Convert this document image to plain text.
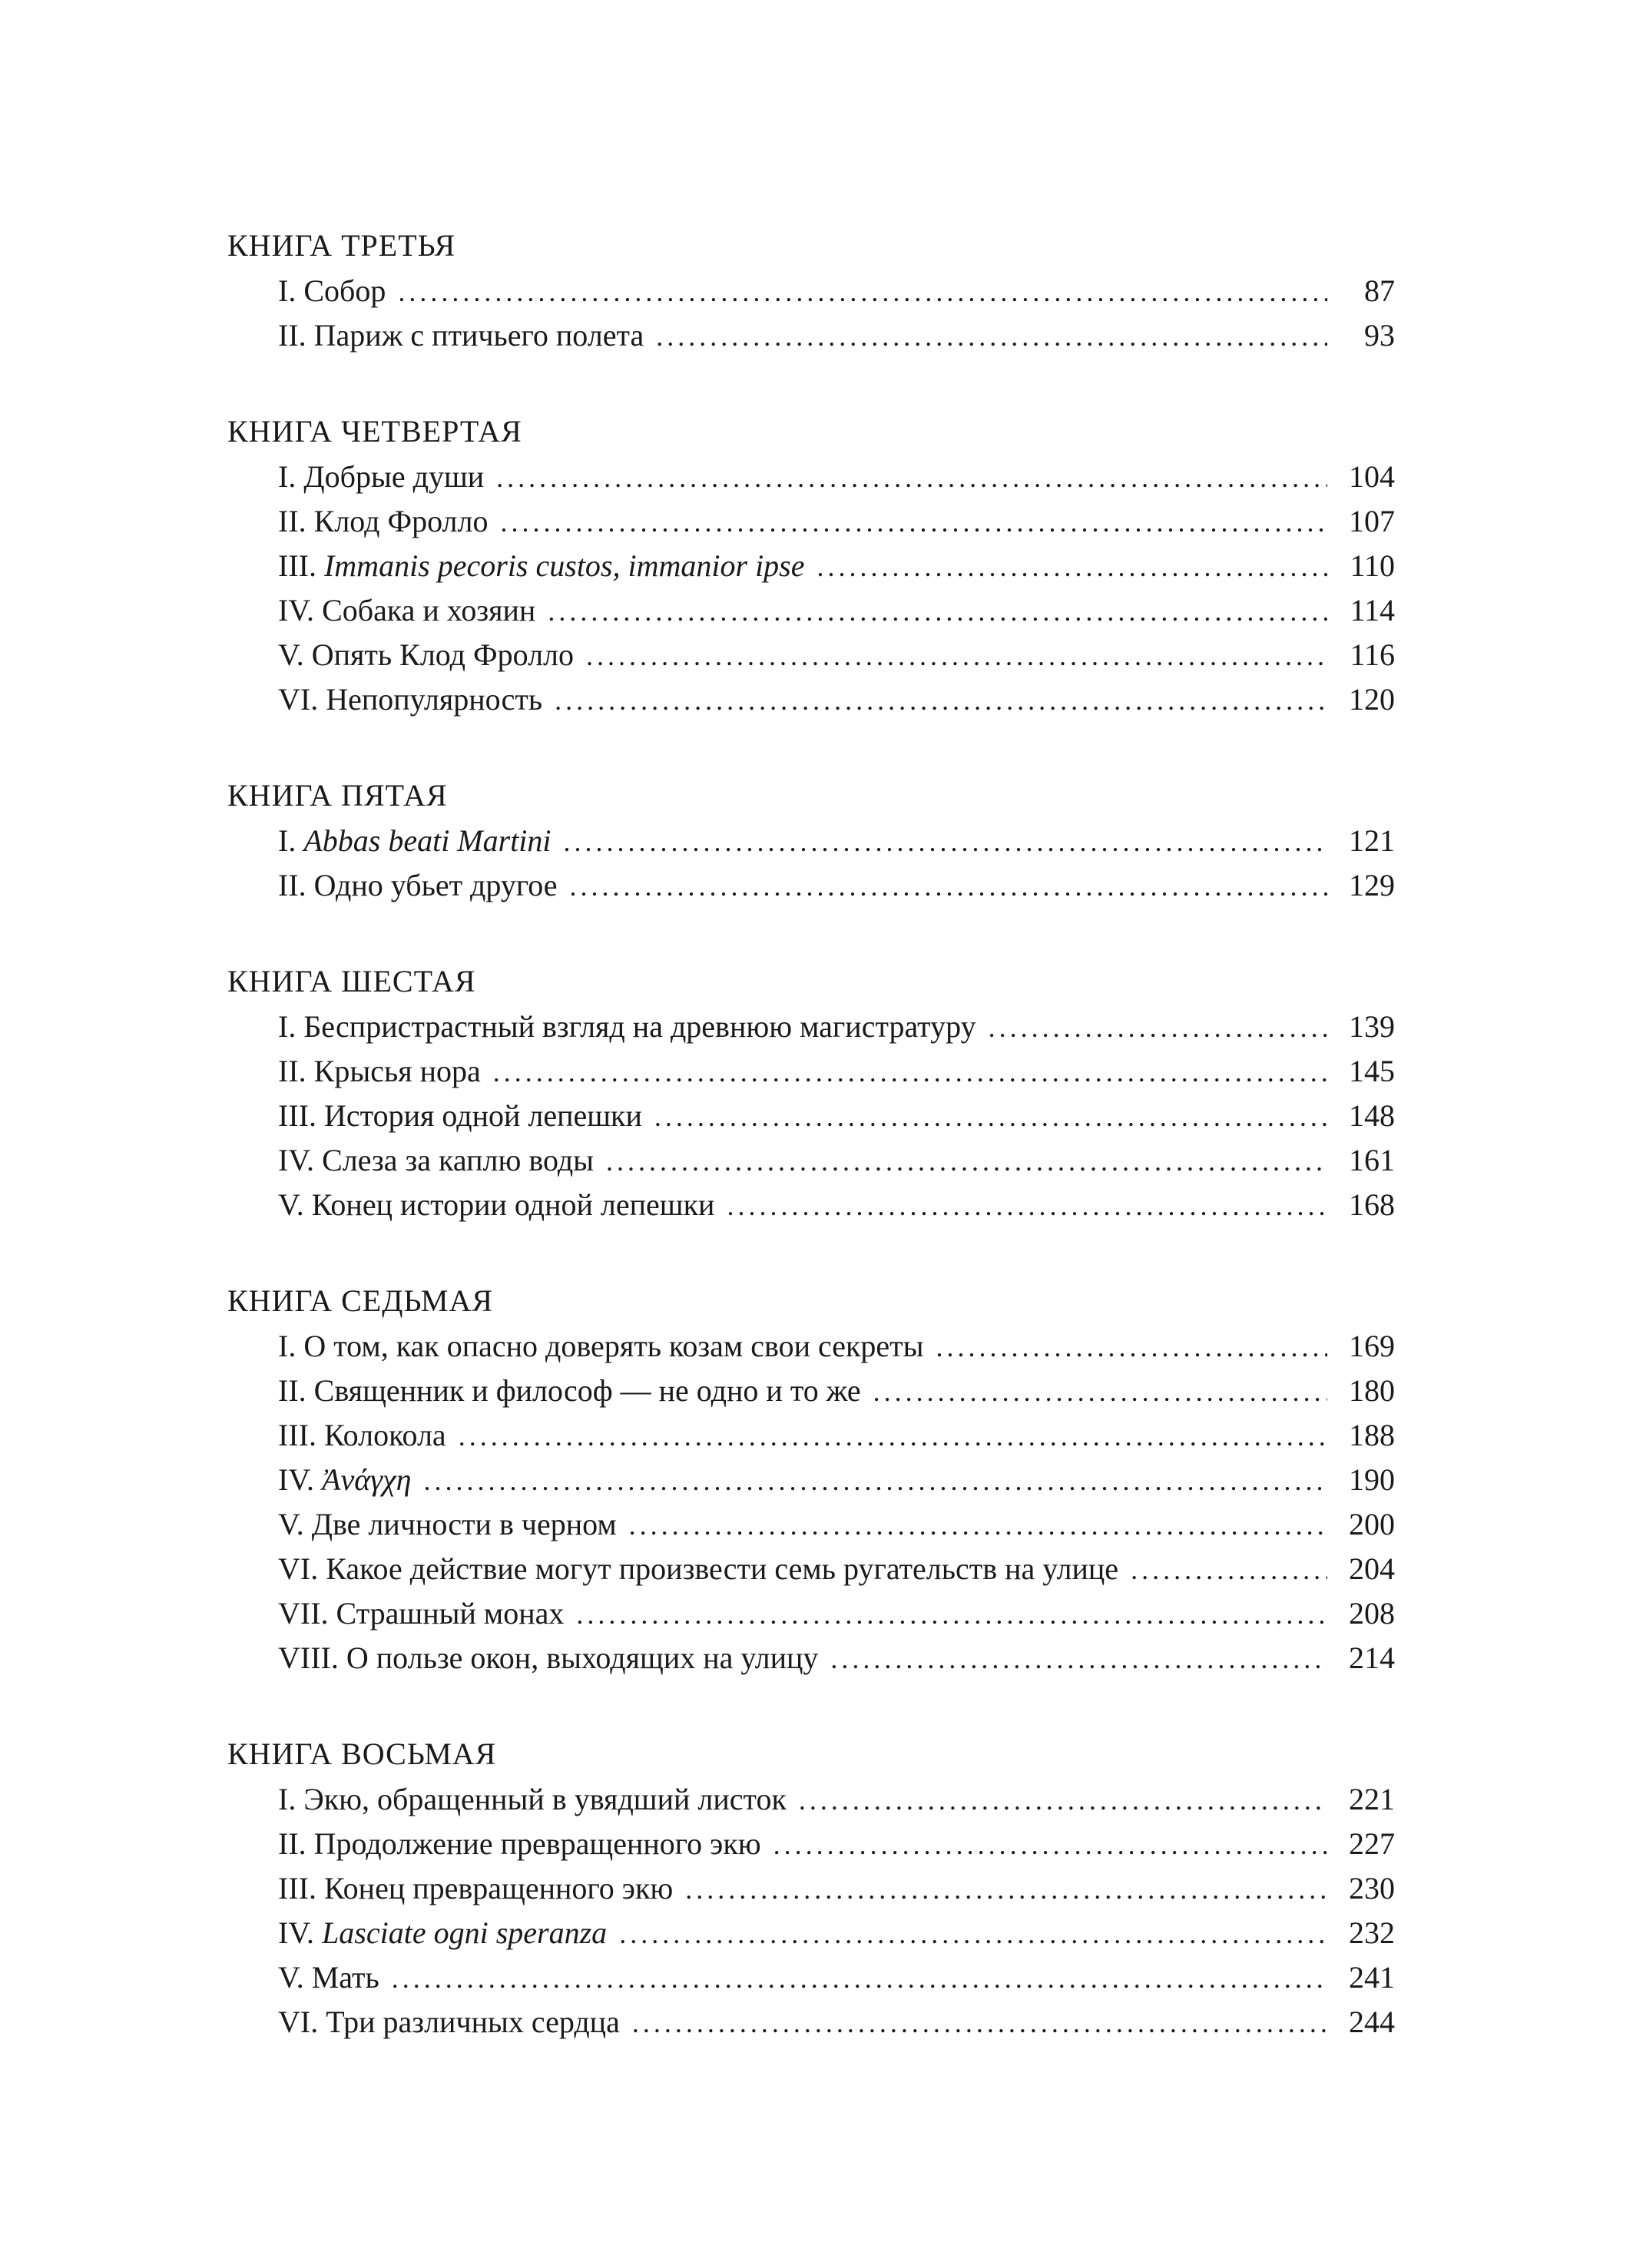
КНИГА ТРЕТЬЯ
I. Собор . . .	87
II. Париж с птичьего полета . . .	93
КНИГА ЧЕТВЕРТАЯ
I. Добрые души . . .	104
II. Клод Фролло . . .	107
III. Immanis pecoris custos, immanior ipse . . .	110
IV. Собака и хозяин . . .	114
V. Опять Клод Фролло . . .	116
VI. Непопулярность . . .	120
КНИГА ПЯТАЯ
I. Abbas beati Martini . . .	121
II. Одно убьет другое . . .	129
КНИГА ШЕСТАЯ
I. Беспристрастный взгляд на древнюю магистратуру . . .	139
II. Крысья нора . . .	145
III. История одной лепешки . . .	148
IV. Слеза за каплю воды . . .	161
V. Конец истории одной лепешки . . .	168
КНИГА СЕДЬМАЯ
I. О том, как опасно доверять козам свои секреты . . .	169
II. Священник и философ — не одно и то же . . .	180
III. Колокола . . .	188
IV. Ἀνάγχη . . .	190
V. Две личности в черном . . .	200
VI. Какое действие могут произвести семь ругательств на улице . . .	204
VII. Страшный монах . . .	208
VIII. О пользе окон, выходящих на улицу . . .	214
КНИГА ВОСЬМАЯ
I. Экю, обращенный в увядший листок . . .	221
II. Продолжение превращенного экю . . .	227
III. Конец превращенного экю . . .	230
IV. Lasciate ogni speranza . . .	232
V. Мать . . .	241
VI. Три различных сердца . . .	244
